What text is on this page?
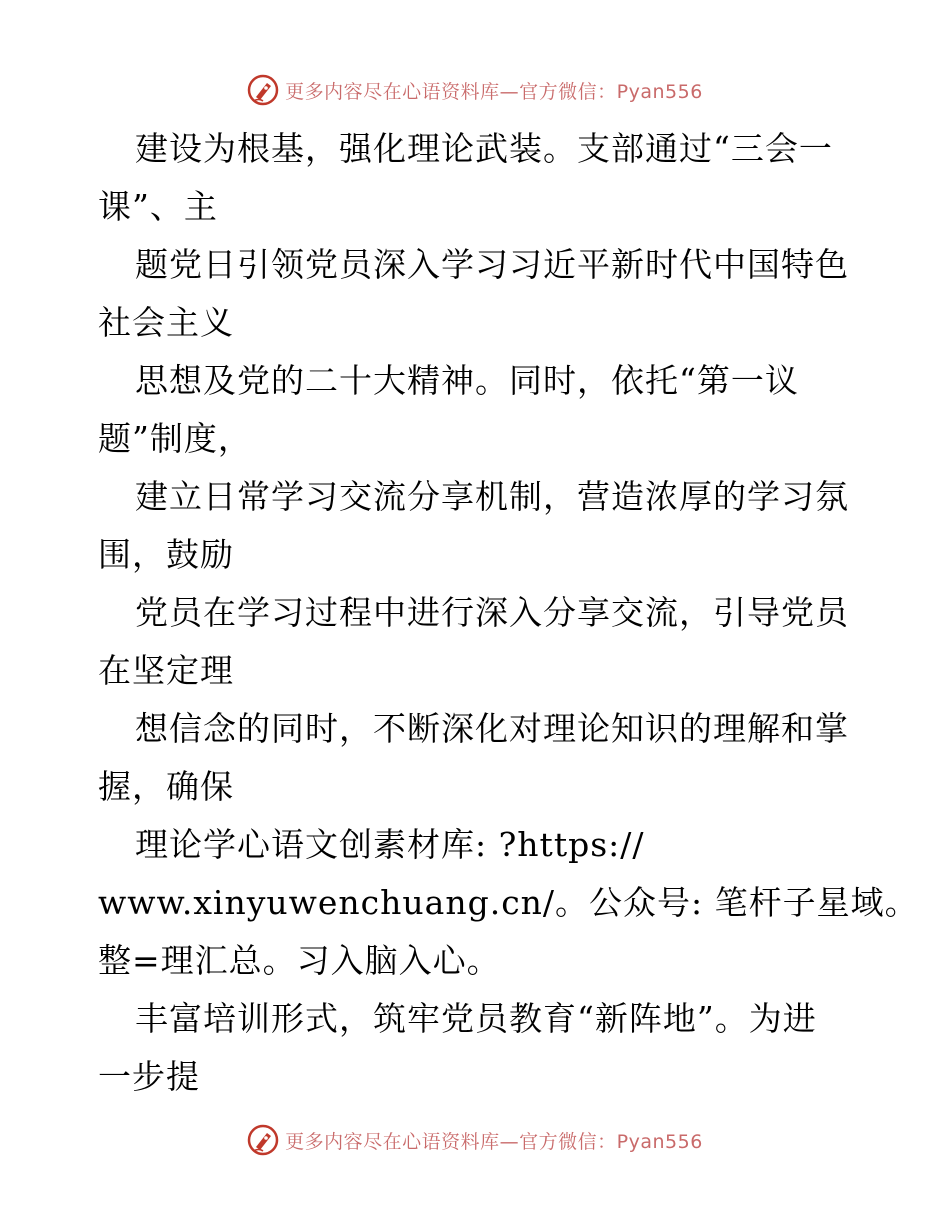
更多内容尽在心语资料库—官方微信：Pyan556
建设为根基，强化理论武装。支部通过“三会一
课”、主
题党日引领党员深入学习习近平新时代中国特色
社会主义
思想及党的二十大精神。同时，依托“第一议
题”制度，
建立日常学习交流分享机制，营造浓厚的学习氛
围，鼓励
党员在学习过程中进行深入分享交流，引导党员
在坚定理
想信念的同时，不断深化对理论知识的理解和掌
握，确保
理论学心语文创素材库: ?https://
www.xinyuwenchuang.cn/。公众号: 笔杆子星域。
整=理汇总。习入脑入心。
丰富培训形式，筑牢党员教育“新阵地”。为进
一步提
更多内容尽在心语资料库—官方微信：Pyan556
